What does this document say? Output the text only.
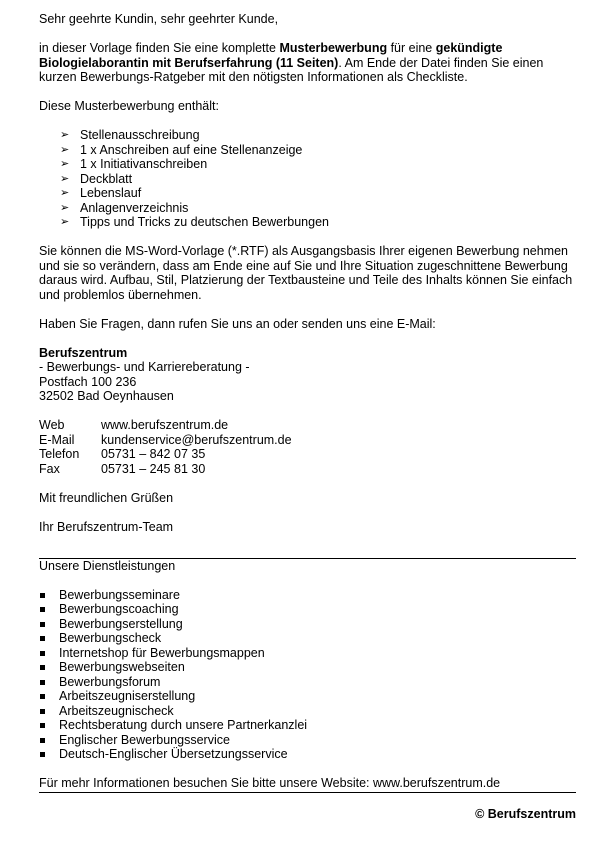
Sehr geehrte Kundin, sehr geehrter Kunde,

in dieser Vorlage finden Sie eine komplette Musterbewerbung für eine gekündigte Biologielaborantin mit Berufserfahrung (11 Seiten). Am Ende der Datei finden Sie einen kurzen Bewerbungs-Ratgeber mit den nötigsten Informationen als Checkliste.

Diese Musterbewerbung enthält:

➢ Stellenausschreibung
➢ 1 x Anschreiben auf eine Stellenanzeige
➢ 1 x Initiativanschreiben
➢ Deckblatt
➢ Lebenslauf
➢ Anlagenverzeichnis
➢ Tipps und Tricks zu deutschen Bewerbungen

Sie können die MS-Word-Vorlage (*.RTF) als Ausgangsbasis Ihrer eigenen Bewerbung nehmen und sie so verändern, dass am Ende eine auf Sie und Ihre Situation zugeschnittene Bewerbung daraus wird. Aufbau, Stil, Platzierung der Textbausteine und Teile des Inhalts können Sie einfach und problemlos übernehmen.

Haben Sie Fragen, dann rufen Sie uns an oder senden uns eine E-Mail:

Berufszentrum

- Bewerbungs- und Karriereberatung -

Postfach 100 236

32502 Bad Oeynhausen

Web	www.berufszentrum.de
E-Mail	kundenservice@berufszentrum.de
Telefon	05731 – 842 07 35
Fax	05731 – 245 81 30

Mit freundlichen Grüßen

Ihr Berufszentrum-Team

Unsere Dienstleistungen

Bewerbungsseminare
Bewerbungscoaching
Bewerbungserstellung
Bewerbungscheck
Internetshop für Bewerbungsmappen
Bewerbungswebseiten
Bewerbungsforum
Arbeitszeugniserstellung
Arbeitszeugnischeck
Rechtsberatung durch unsere Partnerkanzlei
Englischer Bewerbungsservice
Deutsch-Englischer Übersetzungsservice

Für mehr Informationen besuchen Sie bitte unsere Website: www.berufszentrum.de

© Berufszentrum
